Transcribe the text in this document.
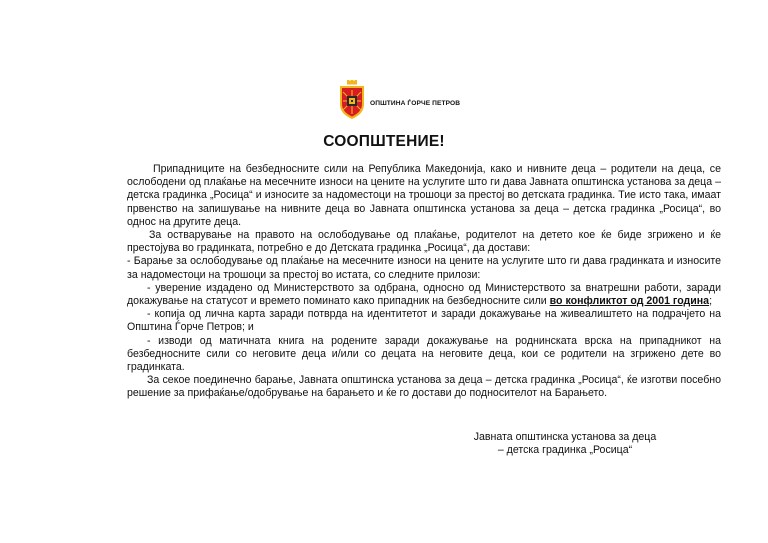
ОПШТИНА ЃОРЧЕ ПЕТРОВ
СООПШТЕНИЕ!

Припадниците на безбедносните сили на Република Македонија, како и нивните деца – родители на деца, се ослободени од плаќање на месечните износи на цените на услугите што ги дава Јавната општинска установа за деца – детска градинка „Росица“ и износите за надоместоци на трошоци за престој во детската градинка. Тие исто така, имаат првенство на запишување на нивните деца во Јавната општинска установа за деца – детска градинка „Росица“, во однос на другите деца.

За остварување на правото на ослободување од плаќање, родителот на детето кое ќе биде згрижено и ќе престојува во градинката, потребно е до Детската градинка „Росица“, да достави:

- Барање за ослободување од плаќање на месечните износи на цените на услугите што ги дава градинката и износите за надоместоци на трошоци за престој во истата, со следните прилози:

- уверение издадено од Министерството за одбрана, односно од Министерството за внатрешни работи, заради докажување на статусот и времето поминато како припадник на безбедносните сили во конфликтот од 2001 година;

- копија од лична карта заради потврда на идентитетот и заради докажување на живеалиштето на подрачјето на Општина Ѓорче Петров; и

- изводи од матичната книга на родените заради докажување на роднинската врска на припадникот на безбедносните сили со неговите деца и/или со децата на неговите деца, кои се родители на згрижено дете во градинката.

За секое поединечно барање, Јавната општинска установа за деца – детска градинка „Росица“, ќе изготви посебно решение за прифаќање/одобрување на барањето и ќе го достави до подносителот на Барањето.

Јавната општинска установа за деца
– детска градинка „Росица“
